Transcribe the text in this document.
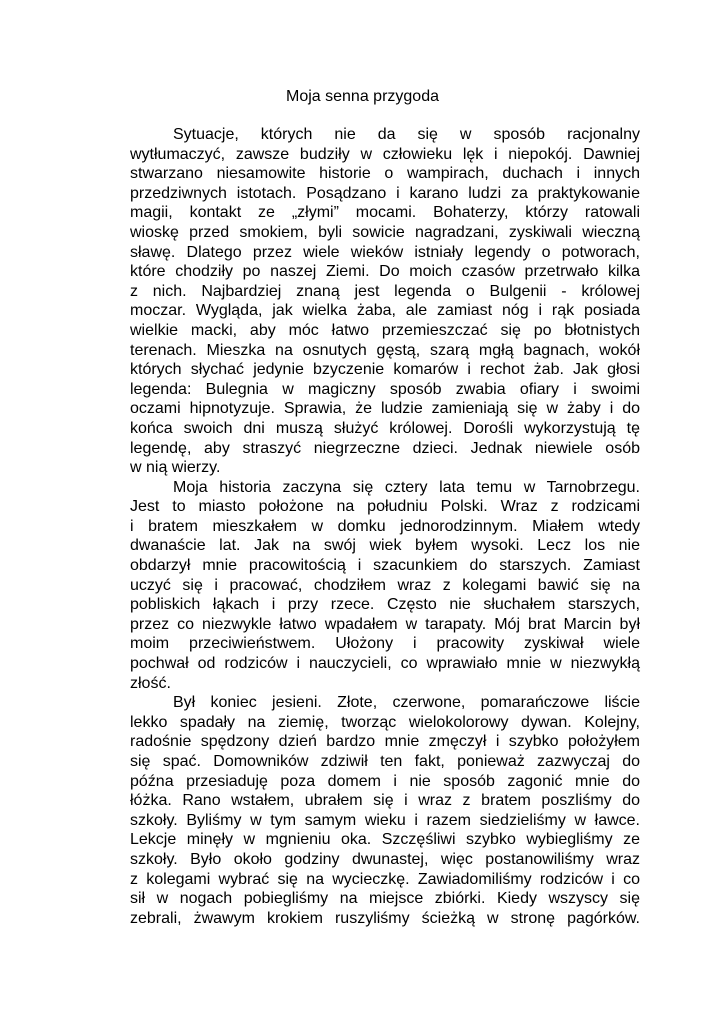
Moja senna przygoda

Sytuacje, których nie da się w sposób racjonalny
wytłumaczyć, zawsze budziły w człowieku lęk i niepokój. Dawniej
stwarzano niesamowite historie o wampirach, duchach i innych
przedziwnych istotach. Posądzano i karano ludzi za praktykowanie
magii, kontakt ze „złymi” mocami. Bohaterzy, którzy ratowali
wioskę przed smokiem, byli sowicie nagradzani, zyskiwali wieczną
sławę. Dlatego przez wiele wieków istniały legendy o potworach,
które chodziły po naszej Ziemi. Do moich czasów przetrwało kilka
z nich. Najbardziej znaną jest legenda o Bulgenii - królowej
moczar. Wygląda, jak wielka żaba, ale zamiast nóg i rąk posiada
wielkie macki, aby móc łatwo przemieszczać się po błotnistych
terenach. Mieszka na osnutych gęstą, szarą mgłą bagnach, wokół
których słychać jedynie bzyczenie komarów i rechot żab. Jak głosi
legenda: Bulegnia w magiczny sposób zwabia ofiary i swoimi
oczami hipnotyzuje. Sprawia, że ludzie zamieniają się w żaby i do
końca swoich dni muszą służyć królowej. Dorośli wykorzystują tę
legendę, aby straszyć niegrzeczne dzieci. Jednak niewiele osób
w nią wierzy.

Moja historia zaczyna się cztery lata temu w Tarnobrzegu.
Jest to miasto położone na południu Polski. Wraz z rodzicami
i bratem mieszkałem w domku jednorodzinnym. Miałem wtedy
dwanaście lat. Jak na swój wiek byłem wysoki. Lecz los nie
obdarzył mnie pracowitością i szacunkiem do starszych. Zamiast
uczyć się i pracować, chodziłem wraz z kolegami bawić się na
pobliskich łąkach i przy rzece. Często nie słuchałem starszych,
przez co niezwykle łatwo wpadałem w tarapaty. Mój brat Marcin był
moim przeciwieństwem. Ułożony i pracowity zyskiwał wiele
pochwał od rodziców i nauczycieli, co wprawiało mnie w niezwykłą
złość.

Był koniec jesieni. Złote, czerwone, pomarańczowe liście
lekko spadały na ziemię, tworząc wielokolorowy dywan. Kolejny,
radośnie spędzony dzień bardzo mnie zmęczył i szybko położyłem
się spać. Domowników zdziwił ten fakt, ponieważ zazwyczaj do
późna przesiaduję poza domem i nie sposób zagonić mnie do
łóżka. Rano wstałem, ubrałem się i wraz z bratem poszliśmy do
szkoły. Byliśmy w tym samym wieku i razem siedzieliśmy w ławce.
Lekcje minęły w mgnieniu oka. Szczęśliwi szybko wybiegliśmy ze
szkoły. Było około godziny dwunastej, więc postanowiliśmy wraz
z kolegami wybrać się na wycieczkę. Zawiadomiliśmy rodziców i co
sił w nogach pobiegliśmy na miejsce zbiórki. Kiedy wszyscy się
zebrali, żwawym krokiem ruszyliśmy ścieżką w stronę pagórków.
